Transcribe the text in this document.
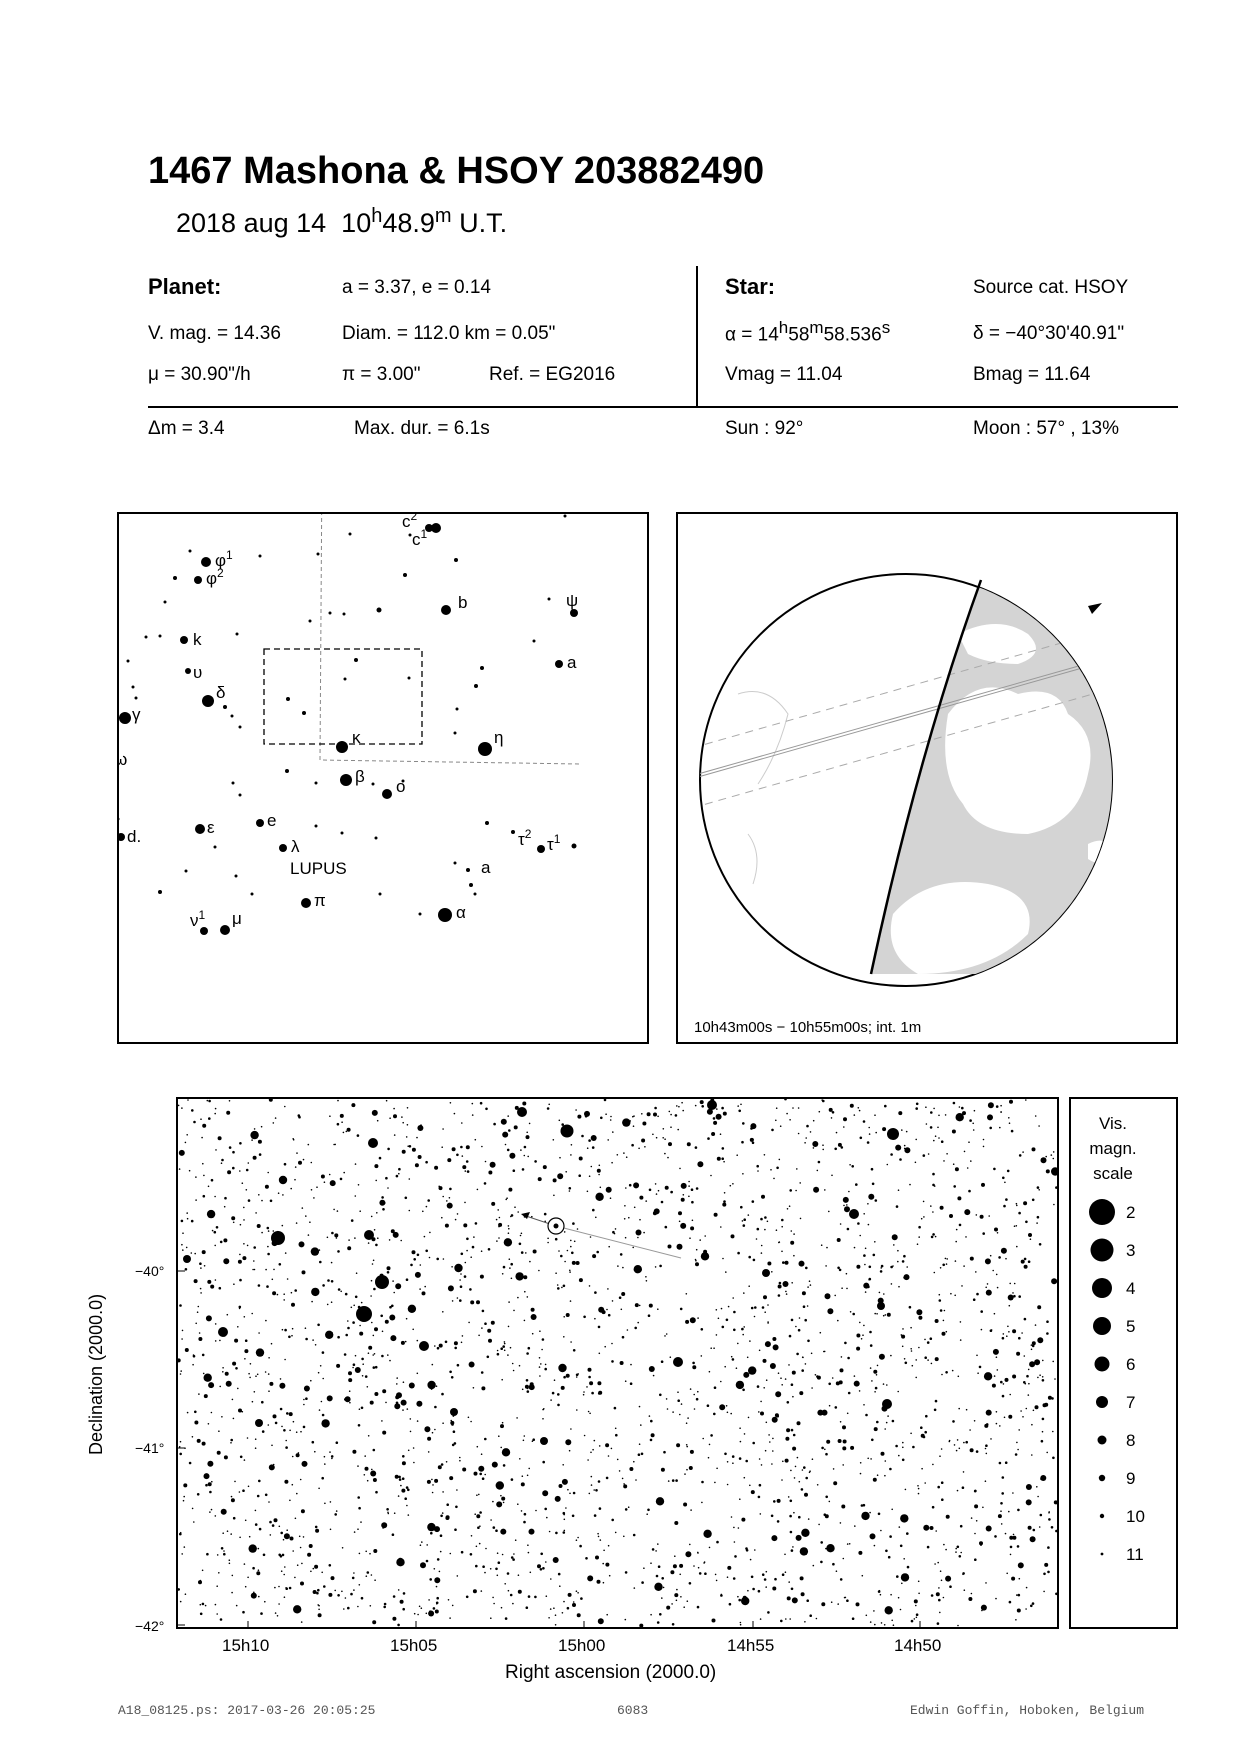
1467 Mashona & HSOY 203882490
2018 aug 14 10$^h$48.9$^m$ U.T.
Planet:	a = 3.37, e = 0.14
V. mag. = 14.36	Diam. = 112.0 km = 0.05"
μ = 30.90"/h	π = 3.00"	Ref. = EG2016
Δm = 3.4	Max. dur. = 6.1s
Star:	Source cat. HSOY
$\alpha = 14^h58^m58.536^s$	δ = −40°30'40.91"
Vmag = 11.04	Bmag = 11.64
Sun : 92°	Moon : 57° , 13%
$\varphi^1$
$\varphi^2$
$c^2$
$c^1$
b	ψ
k
a
υ
δ
γ
κ	η
ω
β
o
e
ε
d.	$\tau^2$
$\tau^1$
λ
a
π
α
$\nu^1$ μ
LUPUS
10h43m00s − 10h55m00s; int. 1m
−40°
−41°
−42°
15h10	15h05	15h00	14h55	14h50
Right ascension (2000.0)
Declination (2000.0)
Vis.
magn.
scale
2
3
4
5
6
7
8
9
10
11
A18_08125.ps: 2017-03-26 20:05:25	6083	Edwin Goffin, Hoboken, Belgium
